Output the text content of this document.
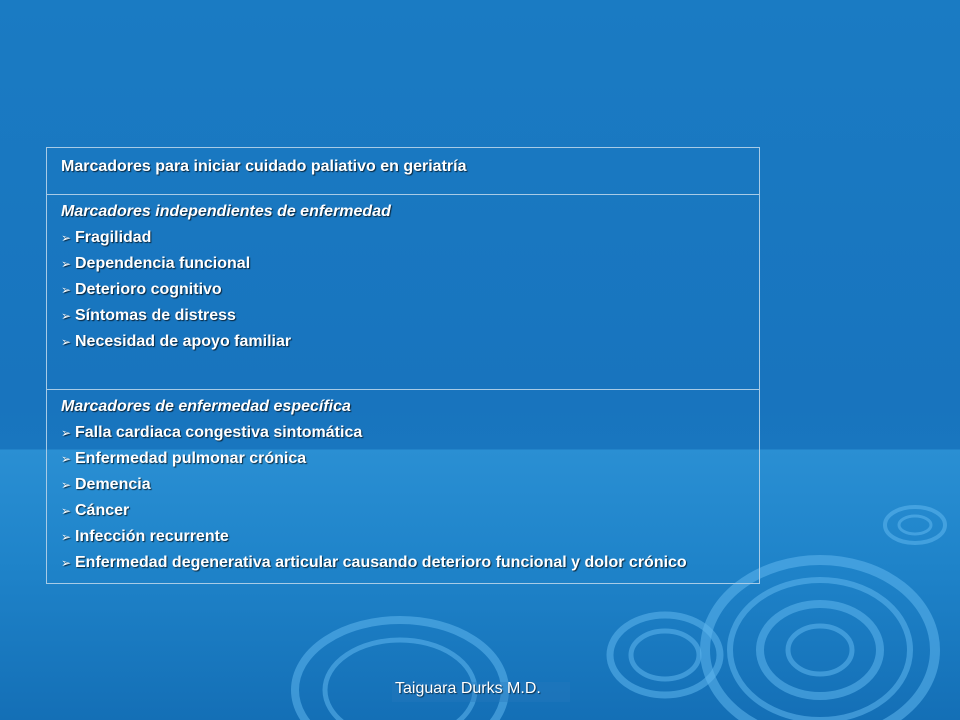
Marcadores para iniciar cuidado paliativo en geriatría
Marcadores independientes de enfermedad
➢ Fragilidad
➢ Dependencia funcional
➢ Deterioro cognitivo
➢ Síntomas de distress
➢ Necesidad de apoyo familiar
Marcadores de enfermedad específica
➢ Falla cardiaca congestiva sintomática
➢ Enfermedad pulmonar crónica
➢ Demencia
➢ Cáncer
➢ Infección recurrente
➢ Enfermedad degenerativa articular causando deterioro funcional y dolor crónico
Taiguara Durks M.D.
